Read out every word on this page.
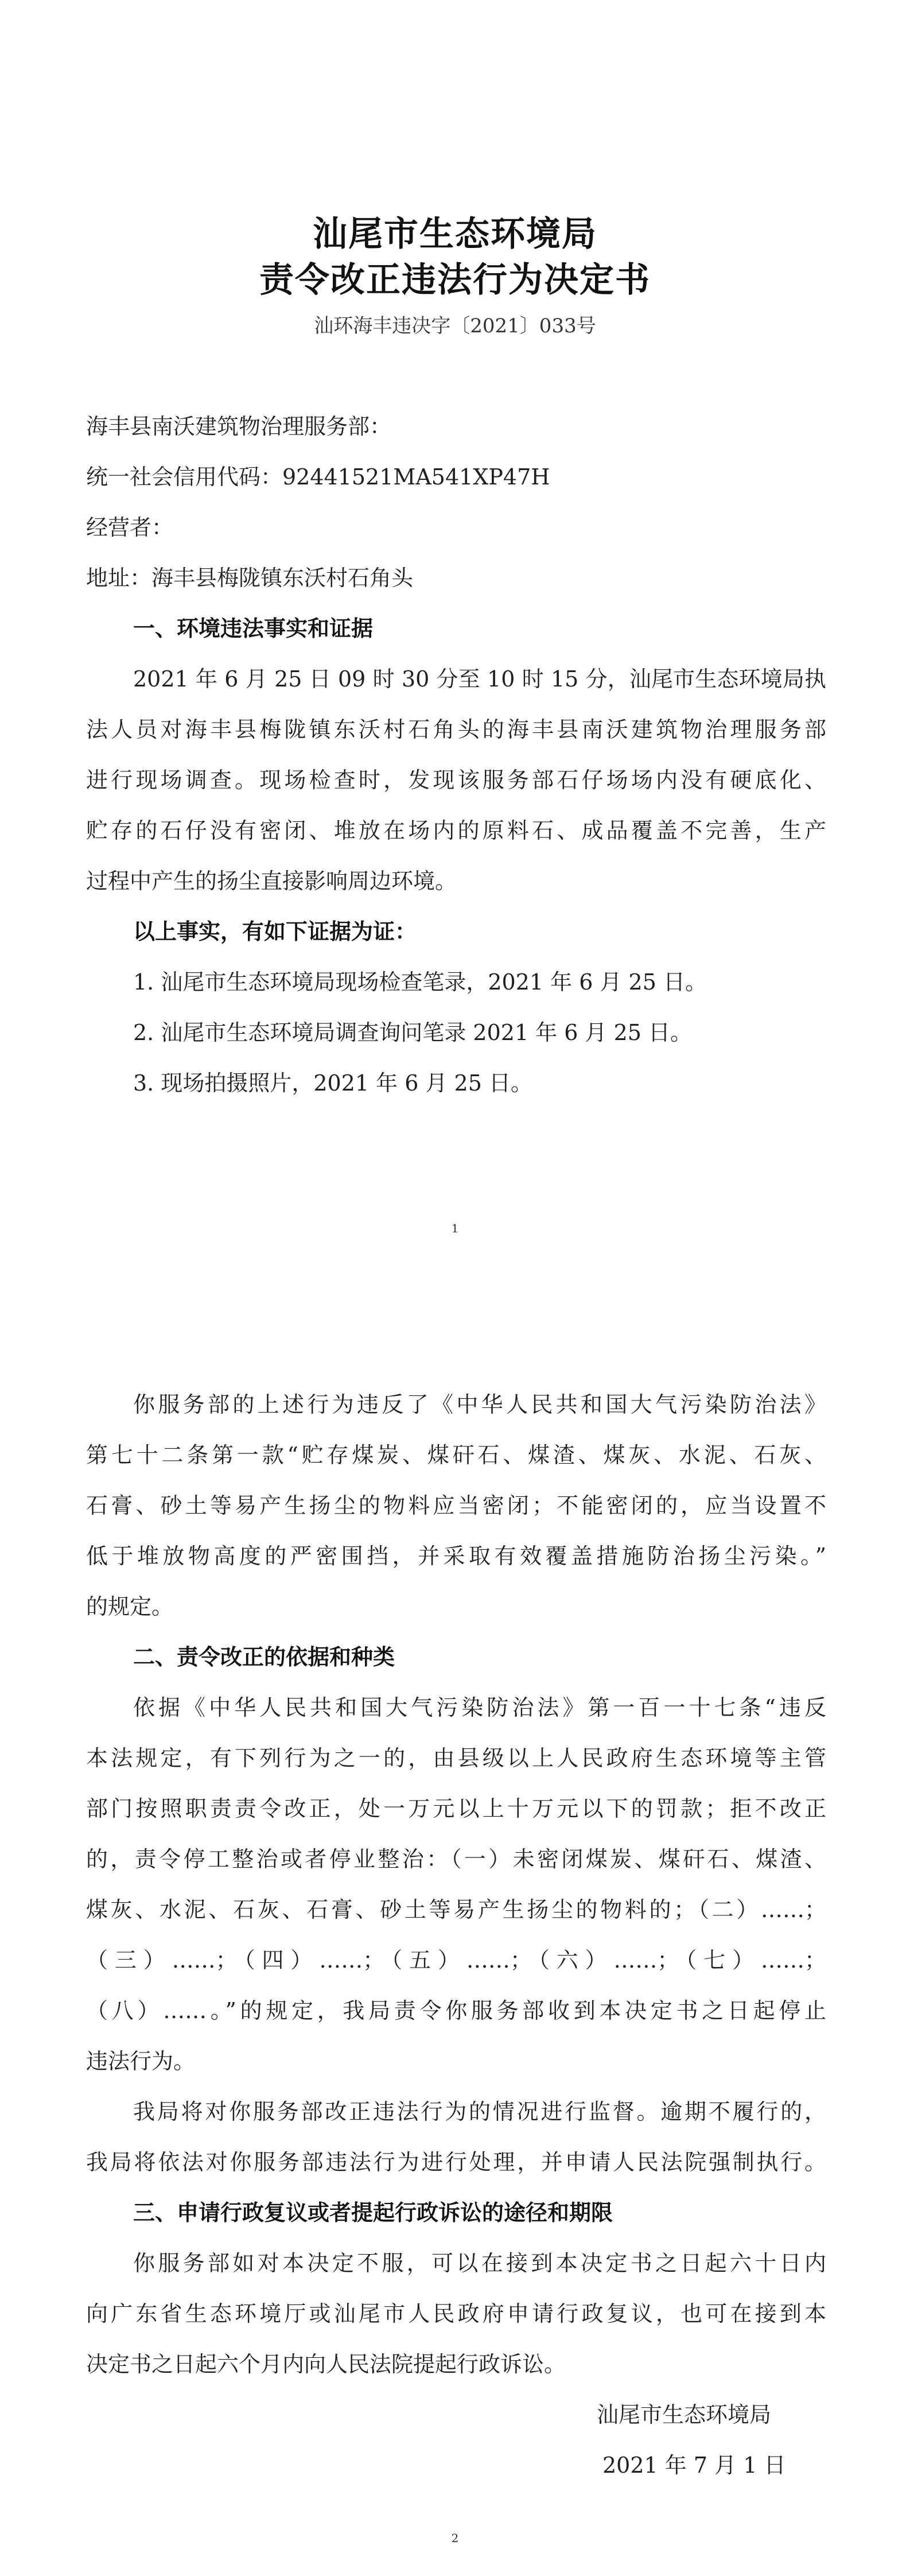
汕尾市生态环境局
责令改正违法行为决定书
汕环海丰违决字〔2021〕033号
海丰县南沃建筑物治理服务部：
统一社会信用代码：92441521MA541XP47H
经营者：
地址：海丰县梅陇镇东沃村石角头
一、环境违法事实和证据
2021 年 6 月 25 日 09 时 30 分至 10 时 15 分，汕尾市生态环境局执
法人员对海丰县梅陇镇东沃村石角头的海丰县南沃建筑物治理服务部
进行现场调查。现场检查时，发现该服务部石仔场场内没有硬底化、
贮存的石仔没有密闭、堆放在场内的原料石、成品覆盖不完善，生产
过程中产生的扬尘直接影响周边环境。
以上事实，有如下证据为证：
1. 汕尾市生态环境局现场检查笔录，2021 年 6 月 25 日。
2. 汕尾市生态环境局调查询问笔录 2021 年 6 月 25 日。
3. 现场拍摄照片，2021 年 6 月 25 日。
1
你服务部的上述行为违反了《中华人民共和国大气污染防治法》
第七十二条第一款“贮存煤炭、煤矸石、煤渣、煤灰、水泥、石灰、
石膏、砂土等易产生扬尘的物料应当密闭；不能密闭的，应当设置不
低于堆放物高度的严密围挡，并采取有效覆盖措施防治扬尘污染。”
的规定。
二、责令改正的依据和种类
依据《中华人民共和国大气污染防治法》第一百一十七条“违反
本法规定，有下列行为之一的，由县级以上人民政府生态环境等主管
部门按照职责责令改正，处一万元以上十万元以下的罚款；拒不改正
的，责令停工整治或者停业整治：（一）未密闭煤炭、煤矸石、煤渣、
煤灰、水泥、石灰、石膏、砂土等易产生扬尘的物料的；（二）……；
（三）……；（四）……；（五）……；（六）……；（七）……；
（八）……。”的规定，我局责令你服务部收到本决定书之日起停止
违法行为。
我局将对你服务部改正违法行为的情况进行监督。逾期不履行的，
我局将依法对你服务部违法行为进行处理，并申请人民法院强制执行。
三、申请行政复议或者提起行政诉讼的途径和期限
你服务部如对本决定不服，可以在接到本决定书之日起六十日内
向广东省生态环境厅或汕尾市人民政府申请行政复议，也可在接到本
决定书之日起六个月内向人民法院提起行政诉讼。
汕尾市生态环境局
2021 年 7 月 1 日
2
